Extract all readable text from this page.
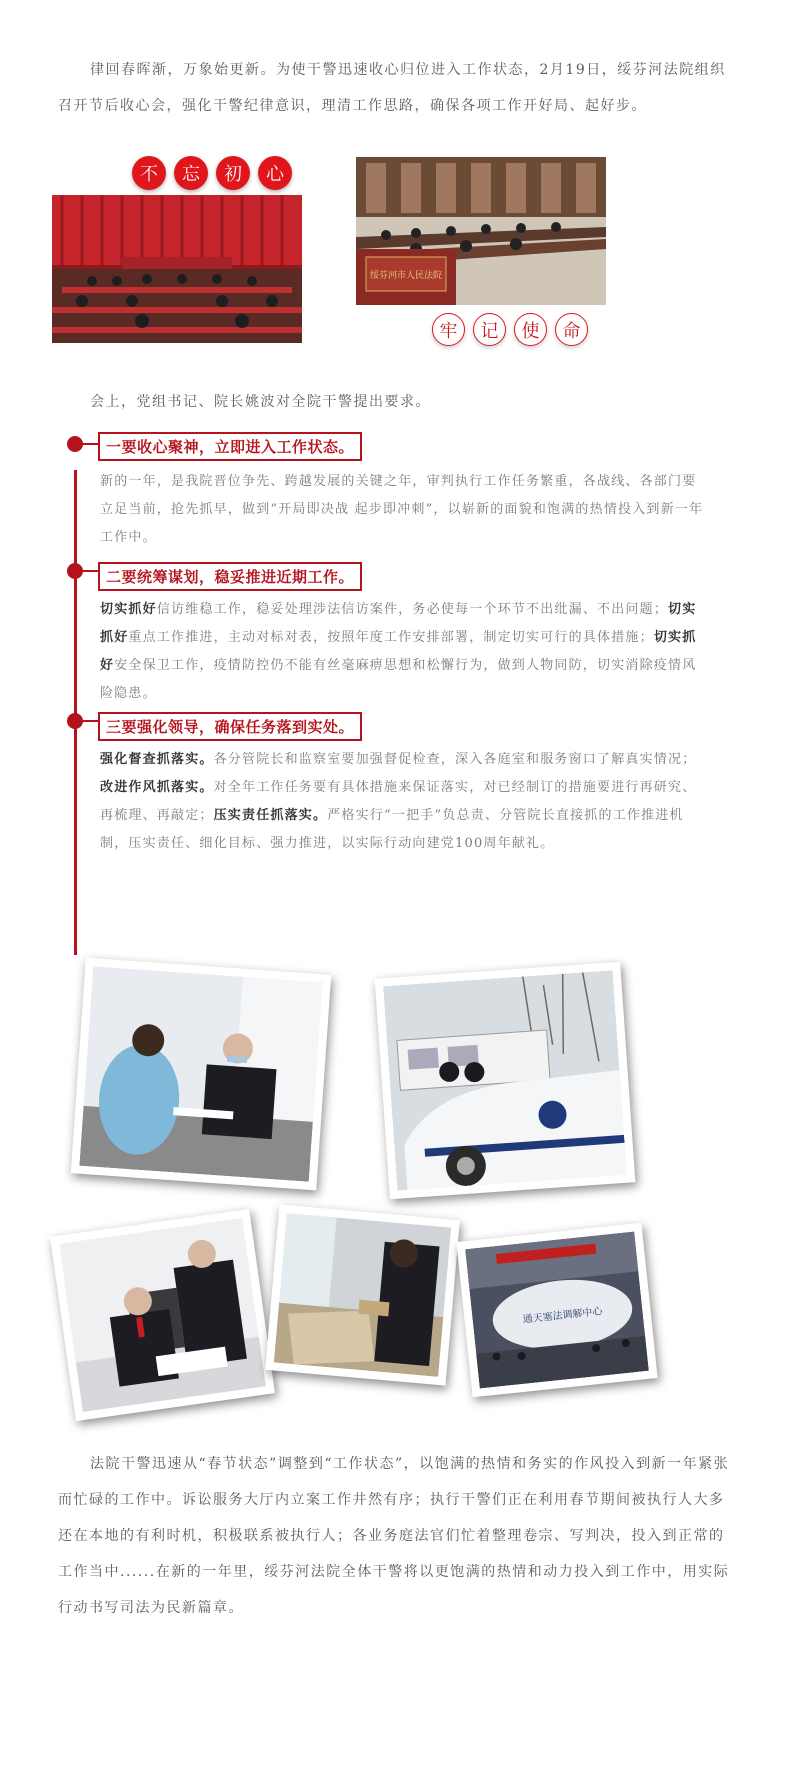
律回春晖渐，万象始更新。为使干警迅速收心归位进入工作状态，2月19日，绥芬河法院组织召开节后收心会，强化干警纪律意识，理清工作思路，确保各项工作开好局、起好步。

不	忘	初	心
绥芬河市人民法院
牢	记	使	命

会上，党组书记、院长姚波对全院干警提出要求。

一要收心聚神，立即进入工作状态。

新的一年，是我院晋位争先、跨越发展的关键之年，审判执行工作任务繁重，各战线、各部门要立足当前，抢先抓早，做到“开局即决战 起步即冲刺”，以崭新的面貌和饱满的热情投入到新一年工作中。

二要统筹谋划，稳妥推进近期工作。

切实抓好信访维稳工作，稳妥处理涉法信访案件，务必使每一个环节不出纰漏、不出问题；切实抓好重点工作推进，主动对标对表，按照年度工作安排部署，制定切实可行的具体措施；切实抓好安全保卫工作，疫情防控仍不能有丝毫麻痹思想和松懈行为，做到人物同防，切实消除疫情风险隐患。

三要强化领导，确保任务落到实处。

强化督查抓落实。各分管院长和监察室要加强督促检查，深入各庭室和服务窗口了解真实情况；改进作风抓落实。对全年工作任务要有具体措施来保证落实，对已经制订的措施要进行再研究、再梳理、再敲定；压实责任抓落实。严格实行“一把手”负总责、分管院长直接抓的工作推进机制，压实责任、细化目标、强力推进，以实际行动向建党100周年献礼。

通天塞法调解中心

法院干警迅速从“春节状态”调整到“工作状态”，以饱满的热情和务实的作风投入到新一年紧张而忙碌的工作中。诉讼服务大厅内立案工作井然有序；执行干警们正在利用春节期间被执行人大多还在本地的有利时机，积极联系被执行人；各业务庭法官们忙着整理卷宗、写判决，投入到正常的工作当中......在新的一年里，绥芬河法院全体干警将以更饱满的热情和动力投入到工作中，用实际行动书写司法为民新篇章。
